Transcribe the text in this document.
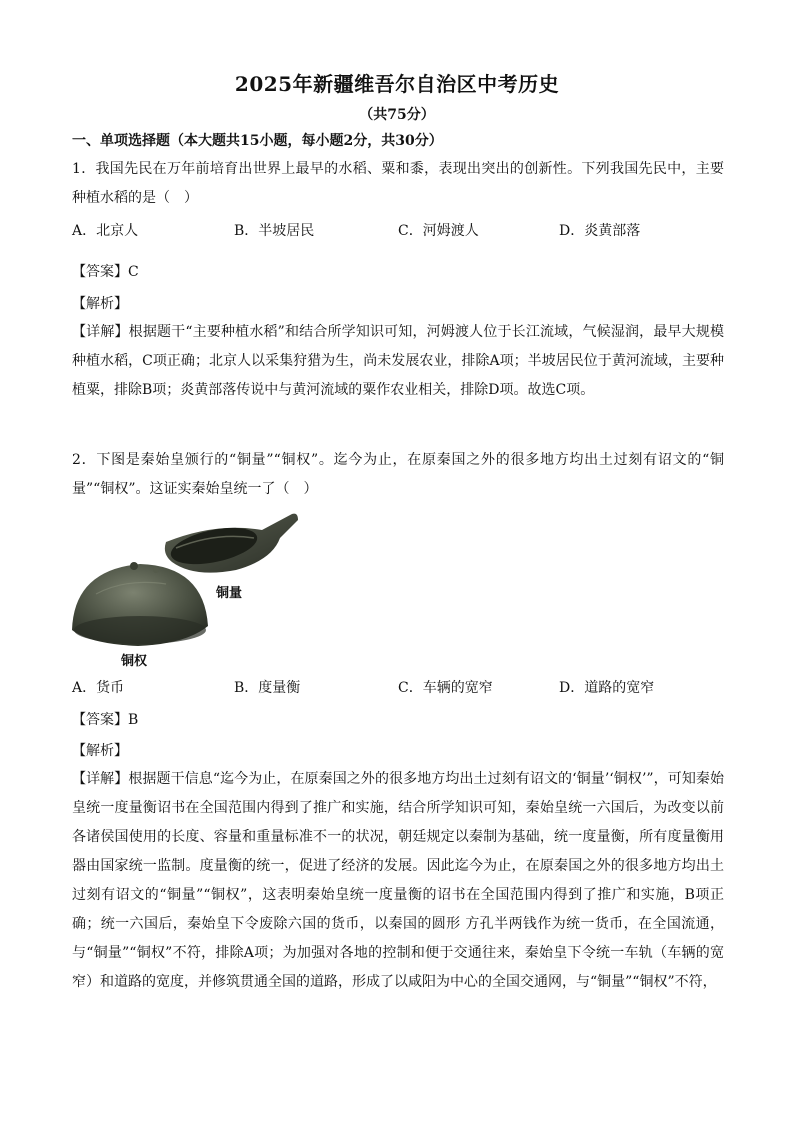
2025年新疆维吾尔自治区中考历史
（共75分）
一、单项选择题（本大题共15小题，每小题2分，共30分）
1．我国先民在万年前培育出世界上最早的水稻、粟和黍，表现出突出的创新性。下列我国先民中，主要种植水稻的是（　）
A．北京人	B．半坡居民	C．河姆渡人	D．炎黄部落
【答案】C
【解析】
【详解】根据题干“主要种植水稻”和结合所学知识可知，河姆渡人位于长江流域，气候湿润，最早大规模种植水稻，C项正确；北京人以采集狩猎为生，尚未发展农业，排除A项；半坡居民位于黄河流域，主要种植粟，排除B项；炎黄部落传说中与黄河流域的粟作农业相关，排除D项。故选C项。
2．下图是秦始皇颁行的“铜量”“铜权”。迄今为止，在原秦国之外的很多地方均出土过刻有诏文的“铜量”“铜权”。这证实秦始皇统一了（　）
铜量
铜权
A．货币	B．度量衡	C．车辆的宽窄	D．道路的宽窄
【答案】B
【解析】
【详解】根据题干信息“迄今为止，在原秦国之外的很多地方均出土过刻有诏文的‘铜量’‘铜权’”，可知秦始皇统一度量衡诏书在全国范围内得到了推广和实施，结合所学知识可知，秦始皇统一六国后，为改变以前各诸侯国使用的长度、容量和重量标准不一的状况，朝廷规定以秦制为基础，统一度量衡，所有度量衡用器由国家统一监制。度量衡的统一，促进了经济的发展。因此迄今为止，在原秦国之外的很多地方均出土过刻有诏文的“铜量”“铜权”，这表明秦始皇统一度量衡的诏书在全国范围内得到了推广和实施，B项正确；统一六国后，秦始皇下令废除六国的货币，以秦国的圆形 方孔半两钱作为统一货币，在全国流通，与“铜量”“铜权”不符，排除A项；为加强对各地的控制和便于交通往来，秦始皇下令统一车轨（车辆的宽窄）和道路的宽度，并修筑贯通全国的道路，形成了以咸阳为中心的全国交通网，与“铜量”“铜权”不符，
